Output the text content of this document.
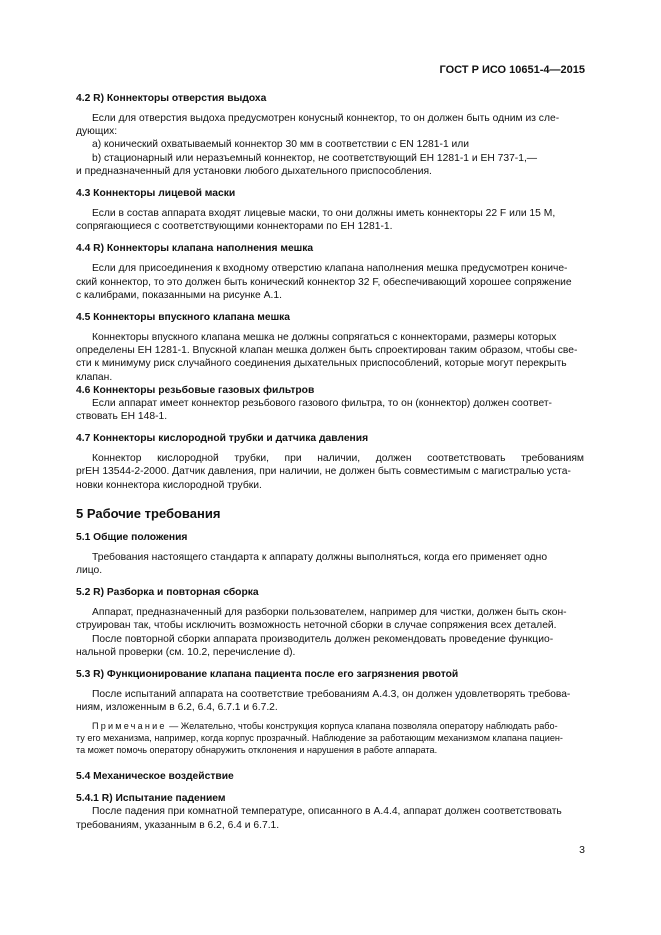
ГОСТ Р ИСО 10651-4—2015
4.2 R) Коннекторы отверстия выдоха
Если для отверстия выдоха предусмотрен конусный коннектор, то он должен быть одним из сле-
дующих:
а) конический охватываемый коннектор 30 мм в соответствии с EN 1281-1 или
b) стационарный или неразъемный коннектор, не соответствующий ЕН 1281-1 и ЕН 737-1,—
и предназначенный для установки любого дыхательного приспособления.
4.3 Коннекторы лицевой маски
Если в состав аппарата входят лицевые маски, то они должны иметь коннекторы 22 F или 15 M,
сопрягающиеся с соответствующими коннекторами по ЕН 1281-1.
4.4 R) Коннекторы клапана наполнения мешка
Если для присоединения к входному отверстию клапана наполнения мешка предусмотрен кониче-
ский коннектор, то это должен быть конический коннектор 32 F, обеспечивающий хорошее сопряжение
с калибрами, показанными на рисунке А.1.
4.5 Коннекторы впускного клапана мешка
Коннекторы впускного клапана мешка не должны сопрягаться с коннекторами, размеры которых
определены ЕН 1281-1. Впускной клапан мешка должен быть спроектирован таким образом, чтобы све-
сти к минимуму риск случайного соединения дыхательных приспособлений, которые могут перекрыть
клапан.
4.6 Коннекторы резьбовые газовых фильтров
Если аппарат имеет коннектор резьбового газового фильтра, то он (коннектор) должен соответ-
ствовать ЕН 148-1.
4.7 Коннекторы кислородной трубки и датчика давления
Коннектор кислородной трубки, при наличии, должен соответствовать требованиям
prЕН 13544-2-2000. Датчик давления, при наличии, не должен быть совместимым с магистралью уста-
новки коннектора кислородной трубки.
5 Рабочие требования
5.1 Общие положения
Требования настоящего стандарта к аппарату должны выполняться, когда его применяет одно
лицо.
5.2 R) Разборка и повторная сборка
Аппарат, предназначенный для разборки пользователем, например для чистки, должен быть скон-
струирован так, чтобы исключить возможность неточной сборки в случае сопряжения всех деталей.
После повторной сборки аппарата производитель должен рекомендовать проведение функцио-
нальной проверки (см. 10.2, перечисление d).
5.3 R) Функционирование клапана пациента после его загрязнения рвотой
После испытаний аппарата на соответствие требованиям А.4.3, он должен удовлетворять требова-
ниям, изложенным в 6.2, 6.4, 6.7.1 и 6.7.2.
Примечание — Желательно, чтобы конструкция корпуса клапана позволяла оператору наблюдать рабо-
ту его механизма, например, когда корпус прозрачный. Наблюдение за работающим механизмом клапана пациен-
та может помочь оператору обнаружить отклонения и нарушения в работе аппарата.
5.4 Механическое воздействие
5.4.1 R) Испытание падением
После падения при комнатной температуре, описанного в А.4.4, аппарат должен соответствовать
требованиям, указанным в 6.2, 6.4 и 6.7.1.
3
